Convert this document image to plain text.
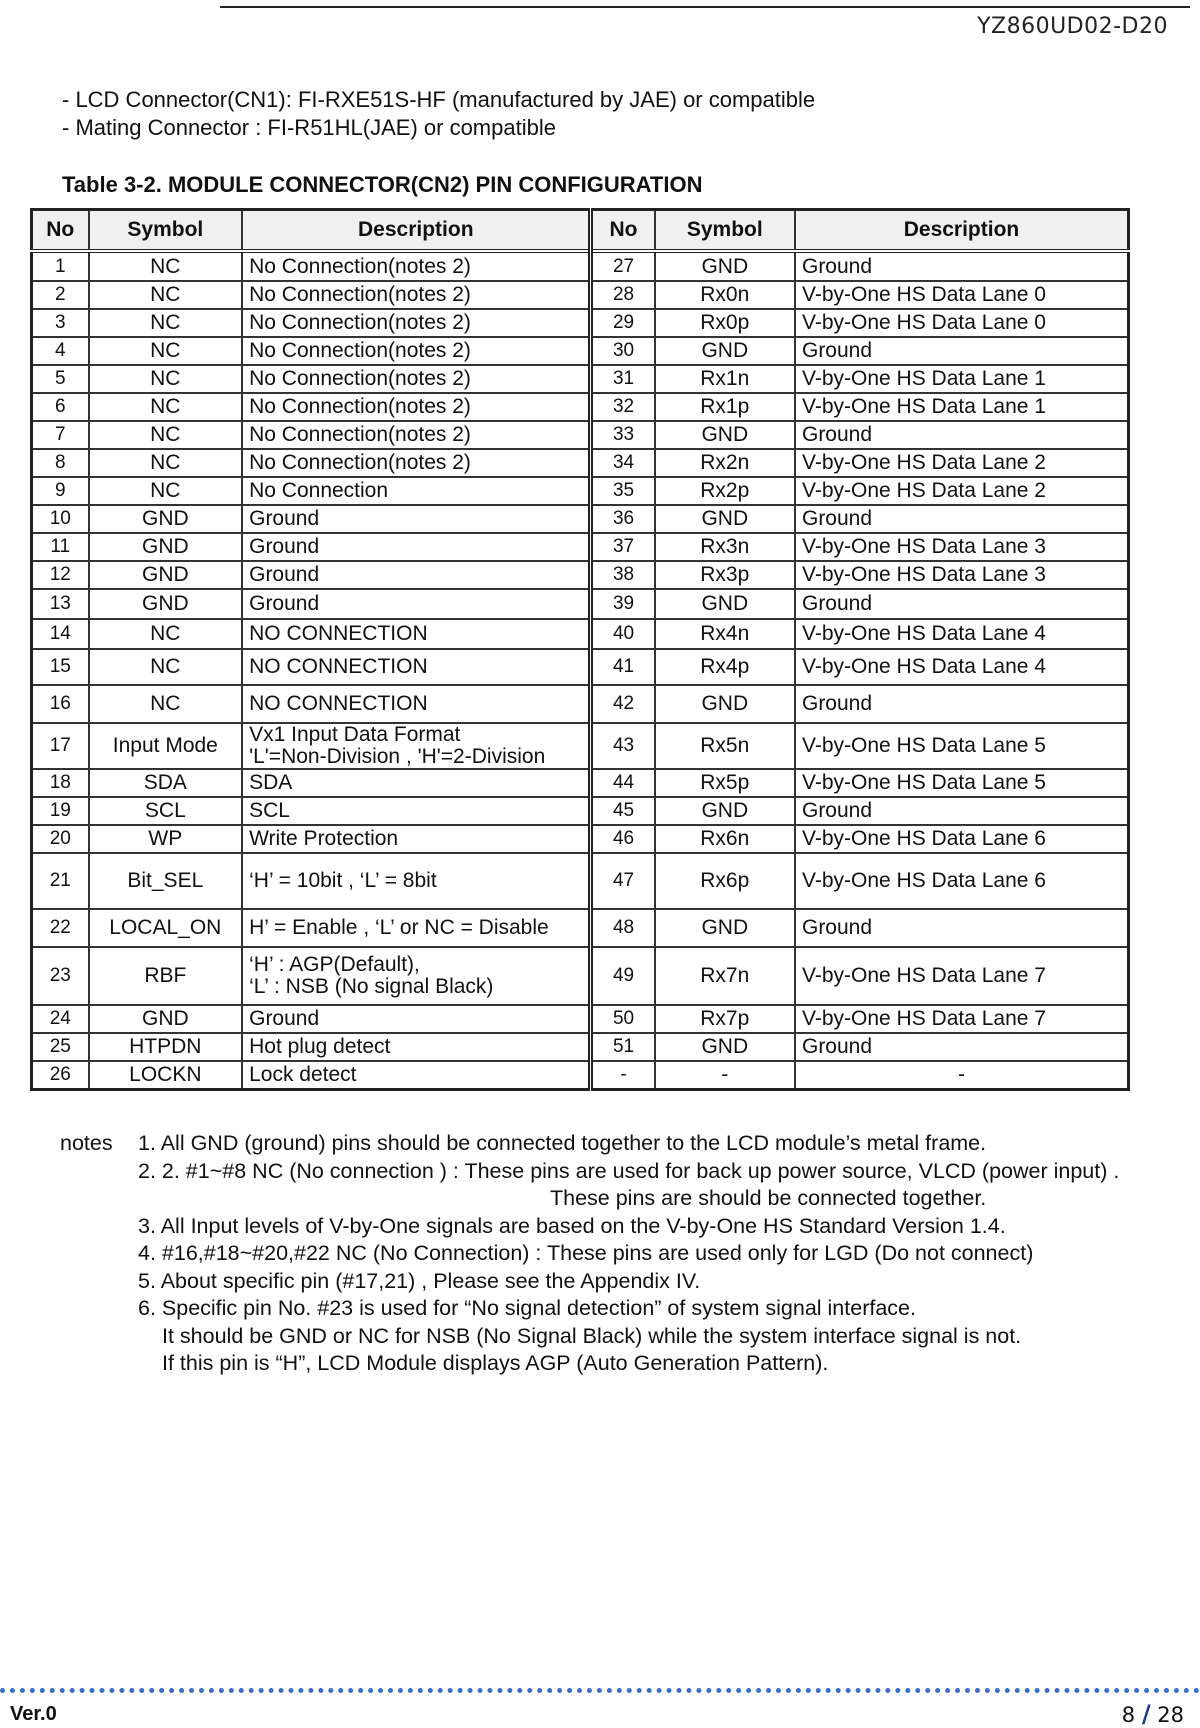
YZ860UD02-D20
- LCD Connector(CN1): FI-RXE51S-HF (manufactured by JAE) or compatible
- Mating Connector : FI-R51HL(JAE) or compatible
Table 3-2. MODULE CONNECTOR(CN2) PIN CONFIGURATION
No	Symbol	Description	No	Symbol	Description
1	NC	No Connection(notes 2)	27	GND	Ground
2	NC	No Connection(notes 2)	28	Rx0n	V-by-One HS Data Lane 0
3	NC	No Connection(notes 2)	29	Rx0p	V-by-One HS Data Lane 0
4	NC	No Connection(notes 2)	30	GND	Ground
5	NC	No Connection(notes 2)	31	Rx1n	V-by-One HS Data Lane 1
6	NC	No Connection(notes 2)	32	Rx1p	V-by-One HS Data Lane 1
7	NC	No Connection(notes 2)	33	GND	Ground
8	NC	No Connection(notes 2)	34	Rx2n	V-by-One HS Data Lane 2
9	NC	No Connection	35	Rx2p	V-by-One HS Data Lane 2
10	GND	Ground	36	GND	Ground
11	GND	Ground	37	Rx3n	V-by-One HS Data Lane 3
12	GND	Ground	38	Rx3p	V-by-One HS Data Lane 3
13	GND	Ground	39	GND	Ground
14	NC	NO CONNECTION	40	Rx4n	V-by-One HS Data Lane 4
15	NC	NO CONNECTION	41	Rx4p	V-by-One HS Data Lane 4
16	NC	NO CONNECTION	42	GND	Ground
17	Input Mode	Vx1 Input Data Format
'L'=Non-Division , 'H'=2-Division	43	Rx5n	V-by-One HS Data Lane 5
18	SDA	SDA	44	Rx5p	V-by-One HS Data Lane 5
19	SCL	SCL	45	GND	Ground
20	WP	Write Protection	46	Rx6n	V-by-One HS Data Lane 6
21	Bit_SEL	‘H’ = 10bit , ‘L’ = 8bit	47	Rx6p	V-by-One HS Data Lane 6
22	LOCAL_ON	H’ = Enable , ‘L’ or NC = Disable	48	GND	Ground
23	RBF	‘H’ : AGP(Default),
‘L’ : NSB (No signal Black)	49	Rx7n	V-by-One HS Data Lane 7
24	GND	Ground	50	Rx7p	V-by-One HS Data Lane 7
25	HTPDN	Hot plug detect	51	GND	Ground
26	LOCKN	Lock detect	-	-	-
notes 1. All GND (ground) pins should be connected together to the LCD module’s metal frame.
2. 2. #1~#8 NC (No connection ) : These pins are used for back up power source, VLCD (power input) .
These pins are should be connected together.
3. All Input levels of V-by-One signals are based on the V-by-One HS Standard Version 1.4.
4. #16,#18~#20,#22 NC (No Connection) : These pins are used only for LGD (Do not connect)
5. About specific pin (#17,21) , Please see the Appendix IV.
6. Specific pin No. #23 is used for “No signal detection” of system signal interface.
It should be GND or NC for NSB (No Signal Black) while the system interface signal is not.
If this pin is “H”, LCD Module displays AGP (Auto Generation Pattern).
Ver.0	8 / 28
